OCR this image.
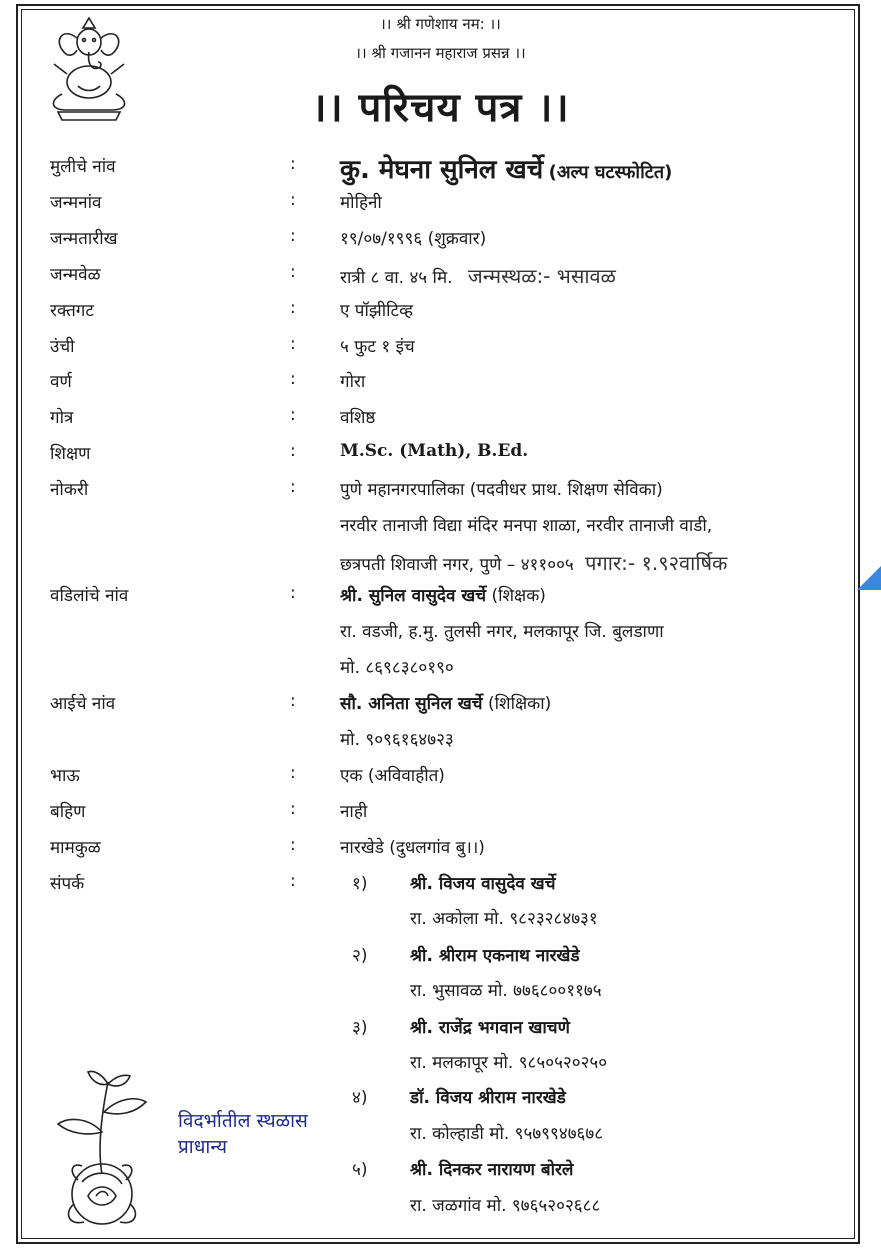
।। श्री गणेशाय नम: ।।
।। श्री गजानन महाराज प्रसन्न ।।
।। परिचय पत्र ।।
मुलीचे नांव	: कु. मेघना सुनिल खर्चे (अल्प घटस्फोटित)
जन्मनांव	:	मोहिनी
जन्मतारीख	:	१९/०७/१९९६ (शुक्रवार)
जन्मवेळ	:	रात्री ८ वा. ४५ मि. जन्मस्थळ:- भसावळ
रक्तगट	:	ए पॉझीटिव्ह
उंची	:	५ फुट १ इंच
वर्ण	:	गोरा
गोत्र	:	वशिष्ठ
शिक्षण	:	M.Sc. (Math), B.Ed.
नोकरी	:	पुणे महानगरपालिका (पदवीधर प्राथ. शिक्षण सेविका)
नरवीर तानाजी विद्या मंदिर मनपा शाळा, नरवीर तानाजी वाडी,
छत्रपती शिवाजी नगर, पुणे – ४११००५ पगार:- १.९२वार्षिक
वडिलांचे नांव	:	श्री. सुनिल वासुदेव खर्चे (शिक्षक)
रा. वडजी, ह.मु. तुलसी नगर, मलकापूर जि. बुलडाणा
मो. ८६९८३८०१९०
आईचे नांव	:	सौ. अनिता सुनिल खर्चे (शिक्षिका)
मो. ९०९६१६४७२३
भाऊ	:	एक (अविवाहीत)
बहिण	:	नाही
मामकुळ	:	नारखेडे (दुधलगांव बु।।)
संपर्क	:	१)	श्री. विजय वासुदेव खर्चे
रा. अकोला मो. ९८२३२८४७३१
२)	श्री. श्रीराम एकनाथ नारखेडे
रा. भुसावळ मो. ७७६८००११७५
३)	श्री. राजेंद्र भगवान खाचणे
रा. मलकापूर मो. ९८५०५२०२५०
४)	डॉ. विजय श्रीराम नारखेडे
रा. कोल्हाडी मो. ९५७९९४७६७८
५)	श्री. दिनकर नारायण बोरले
रा. जळगांव मो. ९७६५२०२६८८
विदर्भातील स्थळास
प्राधान्य
